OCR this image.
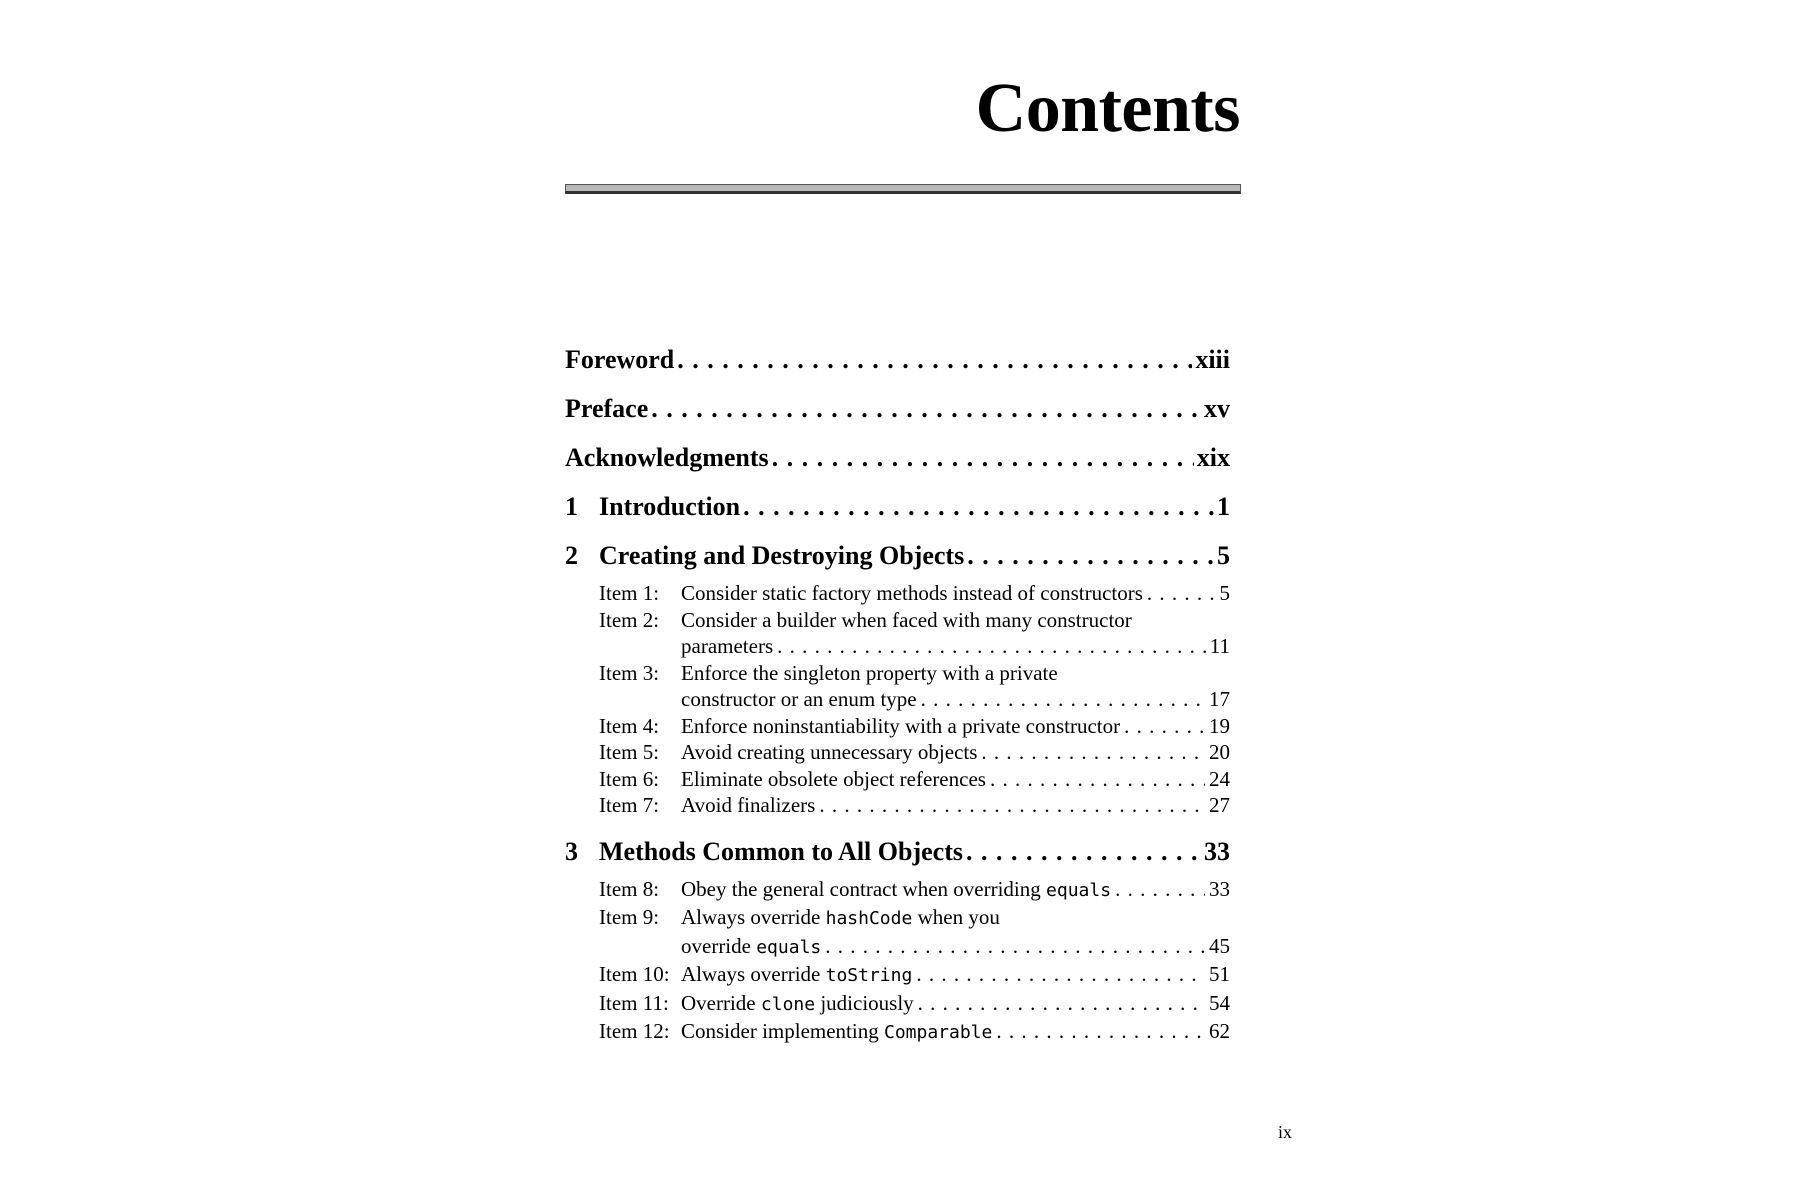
Contents
Foreword . . .	xiii
Preface . . .	xv
Acknowledgments . . .	xix
1 Introduction . . .	1
2 Creating and Destroying Objects . . .	5
Item 1:	Consider static factory methods instead of constructors . . .	5
Item 2:	Consider a builder when faced with many constructor
parameters . . .	11
Item 3:	Enforce the singleton property with a private
constructor or an enum type . . .	17
Item 4:	Enforce noninstantiability with a private constructor . . .	19
Item 5:	Avoid creating unnecessary objects . . .	20
Item 6:	Eliminate obsolete object references . . .	24
Item 7:	Avoid finalizers . . .	27
3 Methods Common to All Objects . . .	33
Item 8:	Obey the general contract when overriding equals . . .	33
Item 9:	Always override hashCode when you
override equals . . .	45
Item 10: Always override toString . . .	51
Item 11: Override clone judiciously . . .	54
Item 12: Consider implementing Comparable . . .	62
ix
